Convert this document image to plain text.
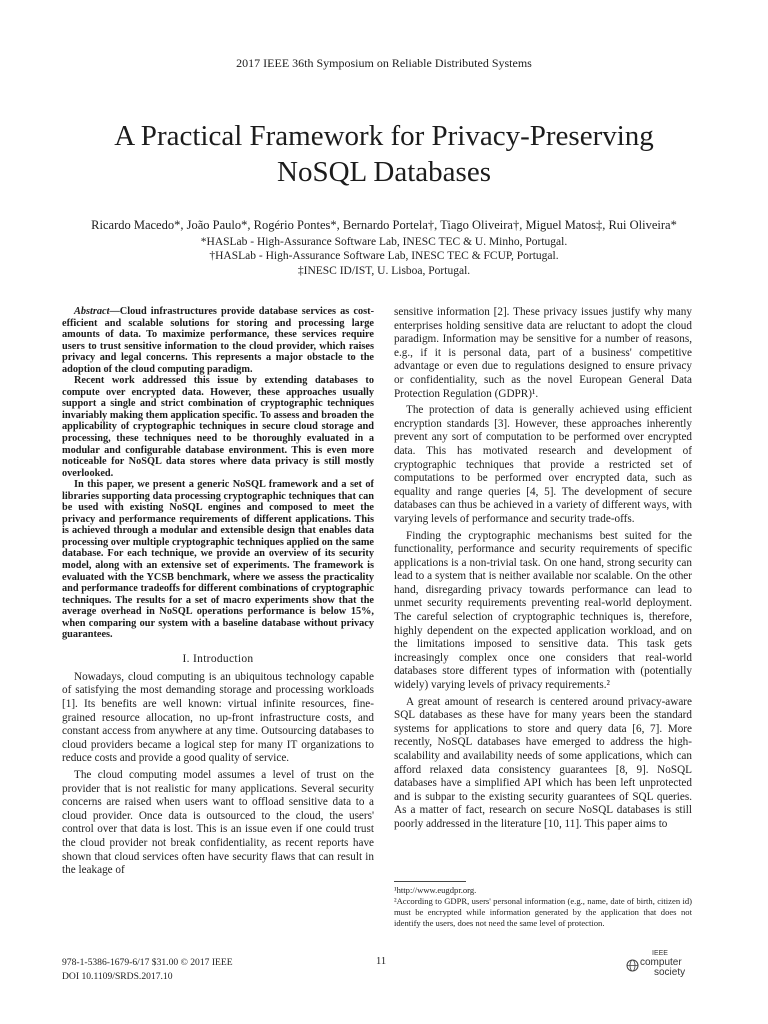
2017 IEEE 36th Symposium on Reliable Distributed Systems
A Practical Framework for Privacy-Preserving
NoSQL Databases
Ricardo Macedo*, João Paulo*, Rogério Pontes*, Bernardo Portela†, Tiago Oliveira†, Miguel Matos‡, Rui Oliveira*
*HASLab - High-Assurance Software Lab, INESC TEC & U. Minho, Portugal.
†HASLab - High-Assurance Software Lab, INESC TEC & FCUP, Portugal.
‡INESC ID/IST, U. Lisboa, Portugal.

Abstract—Cloud infrastructures provide database services as cost-efficient and scalable solutions for storing and processing large amounts of data. To maximize performance, these services require users to trust sensitive information to the cloud provider, which raises privacy and legal concerns. This represents a major obstacle to the adoption of the cloud computing paradigm.

Recent work addressed this issue by extending databases to compute over encrypted data. However, these approaches usually support a single and strict combination of cryptographic techniques invariably making them application specific. To assess and broaden the applicability of cryptographic techniques in secure cloud storage and processing, these techniques need to be thoroughly evaluated in a modular and configurable database environment. This is even more noticeable for NoSQL data stores where data privacy is still mostly overlooked.

In this paper, we present a generic NoSQL framework and a set of libraries supporting data processing cryptographic techniques that can be used with existing NoSQL engines and composed to meet the privacy and performance requirements of different applications. This is achieved through a modular and extensible design that enables data processing over multiple cryptographic techniques applied on the same database. For each technique, we provide an overview of its security model, along with an extensive set of experiments. The framework is evaluated with the YCSB benchmark, where we assess the practicality and performance tradeoffs for different combinations of cryptographic techniques. The results for a set of macro experiments show that the average overhead in NoSQL operations performance is below 15%, when comparing our system with a baseline database without privacy guarantees.

I. Introduction

Nowadays, cloud computing is an ubiquitous technology capable of satisfying the most demanding storage and processing workloads [1]. Its benefits are well known: virtual infinite resources, fine-grained resource allocation, no up-front infrastructure costs, and constant access from anywhere at any time. Outsourcing databases to cloud providers became a logical step for many IT organizations to reduce costs and provide a good quality of service.

The cloud computing model assumes a level of trust on the provider that is not realistic for many applications. Several security concerns are raised when users want to offload sensitive data to a cloud provider. Once data is outsourced to the cloud, the users' control over that data is lost. This is an issue even if one could trust the cloud provider not break confidentiality, as recent reports have shown that cloud services often have security flaws that can result in the leakage of

sensitive information [2]. These privacy issues justify why many enterprises holding sensitive data are reluctant to adopt the cloud paradigm. Information may be sensitive for a number of reasons, e.g., if it is personal data, part of a business' competitive advantage or even due to regulations designed to ensure privacy or confidentiality, such as the novel European General Data Protection Regulation (GDPR)¹.

The protection of data is generally achieved using efficient encryption standards [3]. However, these approaches inherently prevent any sort of computation to be performed over encrypted data. This has motivated research and development of cryptographic techniques that provide a restricted set of computations to be performed over encrypted data, such as equality and range queries [4, 5]. The development of secure databases can thus be achieved in a variety of different ways, with varying levels of performance and security trade-offs.

Finding the cryptographic mechanisms best suited for the functionality, performance and security requirements of specific applications is a non-trivial task. On one hand, strong security can lead to a system that is neither available nor scalable. On the other hand, disregarding privacy towards performance can lead to unmet security requirements preventing real-world deployment. The careful selection of cryptographic techniques is, therefore, highly dependent on the expected application workload, and on the limitations imposed to sensitive data. This task gets increasingly complex once one considers that real-world databases store different types of information with (potentially widely) varying levels of privacy requirements.²

A great amount of research is centered around privacy-aware SQL databases as these have for many years been the standard systems for applications to store and query data [6, 7]. More recently, NoSQL databases have emerged to address the high-scalability and availability needs of some applications, which can afford relaxed data consistency guarantees [8, 9]. NoSQL databases have a simplified API which has been left unprotected and is subpar to the existing security guarantees of SQL queries. As a matter of fact, research on secure NoSQL databases is still poorly addressed in the literature [10, 11]. This paper aims to

¹http://www.eugdpr.org.
²According to GDPR, users' personal information (e.g., name, date of birth, citizen id) must be encrypted while information generated by the application that does not identify the users, does not need the same level of protection.
978-1-5386-1679-6/17 $31.00 © 2017 IEEE
DOI 10.1109/SRDS.2017.10
11
IEEE
computer
society
